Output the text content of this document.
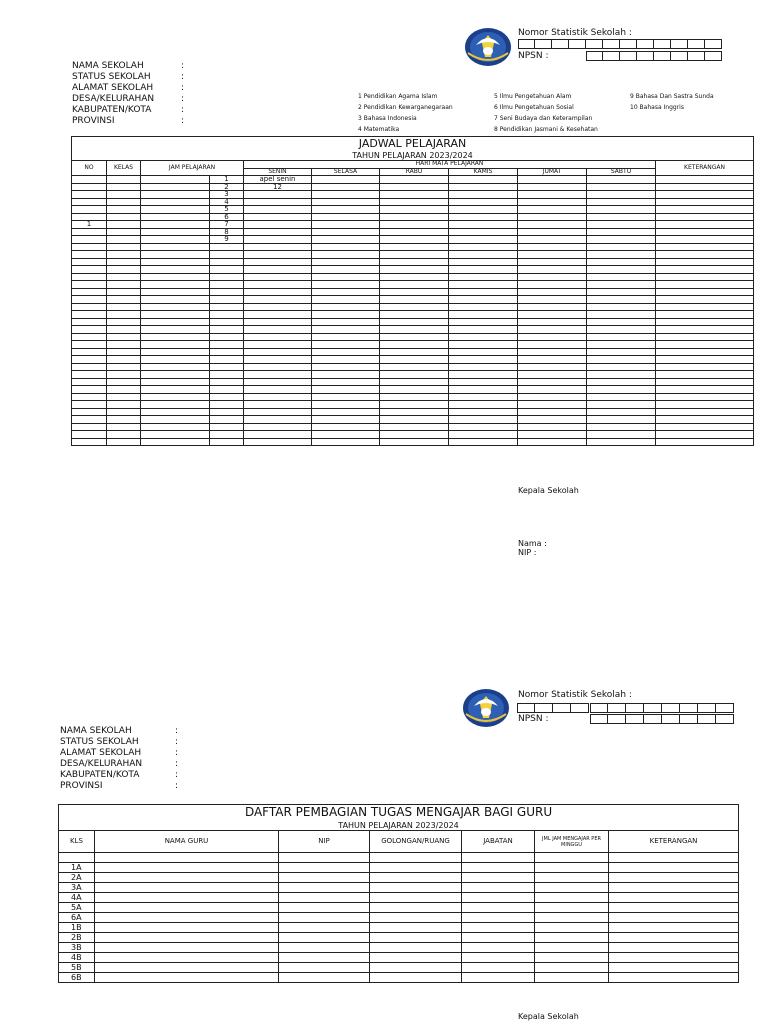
Nomor Statistik Sekolah :
NPSN :
NAMA SEKOLAH	:
STATUS SEKOLAH	:
ALAMAT SEKOLAH	:
DESA/KELURAHAN	:
KABUPATEN/KOTA	:
PROVINSI	:
1 Pendidikan Agama Islam
2 Pendidikan Kewarganegaraan
3 Bahasa Indonesia
4 Matematika
5 Ilmu Pengetahuan Alam
6 Ilmu Pengetahuan Sosial
7 Seni Budaya dan Keterampilan
8 Pendidikan Jasmani & Kesehatan
9 Bahasa Dan Sastra Sunda
10 Bahasa Inggris
JADWAL PELAJARAN										
TAHUN PELAJARAN 2023/2024										
NO	KELAS	JAM PELAJARAN		HARI MATA PELAJARAN						KETERANGAN
				SENIN	SELASA	RABU	KAMIS	JUMAT	SABTU	
			1	apel senin						
			2	12						
			3							
			4							
			5							
			6							
1			7							
			8							
			9							

Kepala Sekolah
Nama :
NIP :
Nomor Statistik Sekolah :
NPSN :
NAMA SEKOLAH	:
STATUS SEKOLAH	:
ALAMAT SEKOLAH	:
DESA/KELURAHAN	:
KABUPATEN/KOTA	:
PROVINSI	:
DAFTAR PEMBAGIAN TUGAS MENGAJAR BAGI GURU						
TAHUN PELAJARAN 2023/2024						
KLS	NAMA GURU	NIP	GOLONGAN/RUANG	JABATAN	JML JAM MENGAJAR PER MINGGU	KETERANGAN

1A						
2A						
3A						
4A						
5A						
6A						
1B						
2B						
3B						
4B						
5B						
6B						
Kepala Sekolah
